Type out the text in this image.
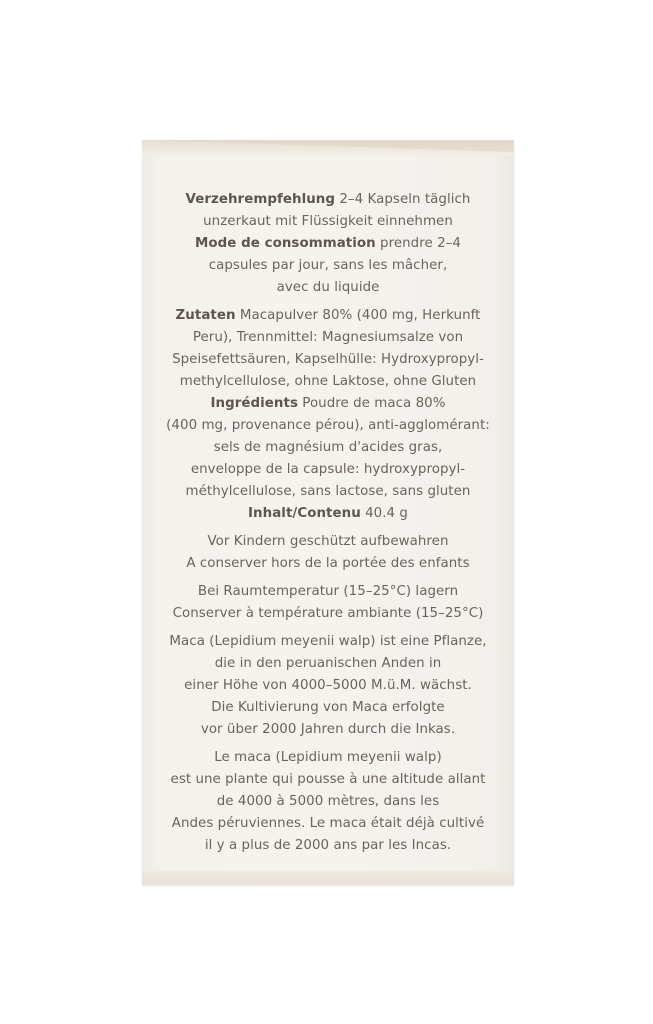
Verzehrempfehlung 2–4 Kapseln täglich
unzerkaut mit Flüssigkeit einnehmen
Mode de consommation prendre 2–4
capsules par jour, sans les mâcher,
avec du liquide
Zutaten Macapulver 80% (400 mg, Herkunft
Peru), Trennmittel: Magnesiumsalze von
Speisefettsäuren, Kapselhülle: Hydroxypropyl-
methylcellulose, ohne Laktose, ohne Gluten
Ingrédients Poudre de maca 80%
(400 mg, provenance pérou), anti-agglomérant:
sels de magnésium d'acides gras,
enveloppe de la capsule: hydroxypropyl-
méthylcellulose, sans lactose, sans gluten
Inhalt/Contenu 40.4 g
Vor Kindern geschützt aufbewahren
A conserver hors de la portée des enfants
Bei Raumtemperatur (15–25°C) lagern
Conserver à température ambiante (15–25°C)
Maca (Lepidium meyenii walp) ist eine Pflanze,
die in den peruanischen Anden in
einer Höhe von 4000–5000 M.ü.M. wächst.
Die Kultivierung von Maca erfolgte
vor über 2000 Jahren durch die Inkas.
Le maca (Lepidium meyenii walp)
est une plante qui pousse à une altitude allant
de 4000 à 5000 mètres, dans les
Andes péruviennes. Le maca était déjà cultivé
il y a plus de 2000 ans par les Incas.
